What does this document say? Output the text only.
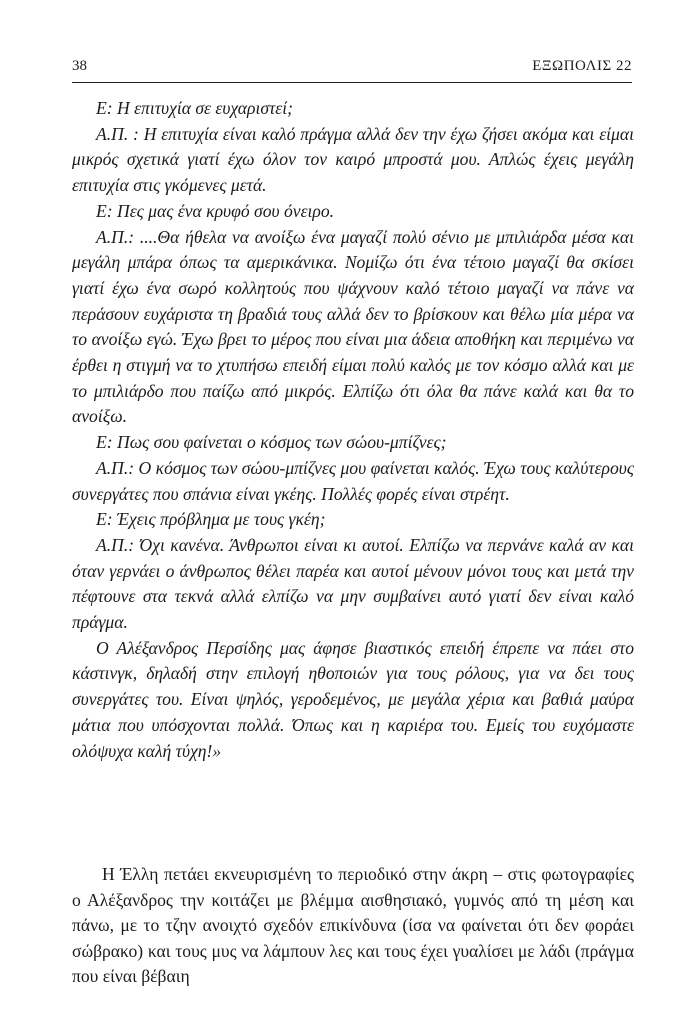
38	ΕΞΩΠΟΛΙΣ 22

Ε: Η επιτυχία σε ευχαριστεί;

Α.Π. : Η επιτυχία είναι καλό πράγμα αλλά δεν την έχω ζήσει ακόμα και είμαι μικρός σχετικά γιατί έχω όλον τον καιρό μπροστά μου. Απλώς έχεις μεγάλη επιτυχία στις γκόμενες μετά.

Ε: Πες μας ένα κρυφό σου όνειρο.

Α.Π.: ....Θα ήθελα να ανοίξω ένα μαγαζί πολύ σένιο με μπιλιάρδα μέσα και μεγάλη μπάρα όπως τα αμερικάνικα. Νομίζω ότι ένα τέτοιο μαγαζί θα σκίσει γιατί έχω ένα σωρό κολλητούς που ψάχνουν καλό τέτοιο μαγαζί να πάνε να περάσουν ευχάριστα τη βραδιά τους αλλά δεν το βρίσκουν και θέλω μία μέρα να το ανοίξω εγώ. Έχω βρει το μέρος που είναι μια άδεια αποθήκη και περιμένω να έρθει η στιγμή να το χτυπήσω επειδή είμαι πολύ καλός με τον κόσμο αλλά και με το μπιλιάρδο που παίζω από μικρός. Ελπίζω ότι όλα θα πάνε καλά και θα το ανοίξω.

Ε: Πως σου φαίνεται ο κόσμος των σώου-μπίζνες;

Α.Π.: Ο κόσμος των σώου-μπίζνες μου φαίνεται καλός. Έχω τους καλύτερους συνεργάτες που σπάνια είναι γκέης. Πολλές φορές είναι στρέητ.

Ε: Έχεις πρόβλημα με τους γκέη;

Α.Π.: Όχι κανένα. Άνθρωποι είναι κι αυτοί. Ελπίζω να περνάνε καλά αν και όταν γερνάει ο άνθρωπος θέλει παρέα και αυτοί μένουν μόνοι τους και μετά την πέφτουνε στα τεκνά αλλά ελπίζω να μην συμβαίνει αυτό γιατί δεν είναι καλό πράγμα.

Ο Αλέξανδρος Περσίδης μας άφησε βιαστικός επειδή έπρεπε να πάει στο κάστινγκ, δηλαδή στην επιλογή ηθοποιών για τους ρόλους, για να δει τους συνεργάτες του. Είναι ψηλός, γεροδεμένος, με μεγάλα χέρια και βαθιά μαύρα μάτια που υπόσχονται πολλά. Όπως και η καριέρα του. Εμείς του ευχόμαστε ολόψυχα καλή τύχη!»

Η Έλλη πετάει εκνευρισμένη το περιοδικό στην άκρη – στις φωτογραφίες ο Αλέξανδρος την κοιτάζει με βλέμμα αισθησιακό, γυμνός από τη μέση και πάνω, με το τζην ανοιχτό σχεδόν επικίνδυνα (ίσα να φαίνεται ότι δεν φοράει σώβρακο) και τους μυς να λάμπουν λες και τους έχει γυαλίσει με λάδι (πράγμα που είναι βέβαιη
